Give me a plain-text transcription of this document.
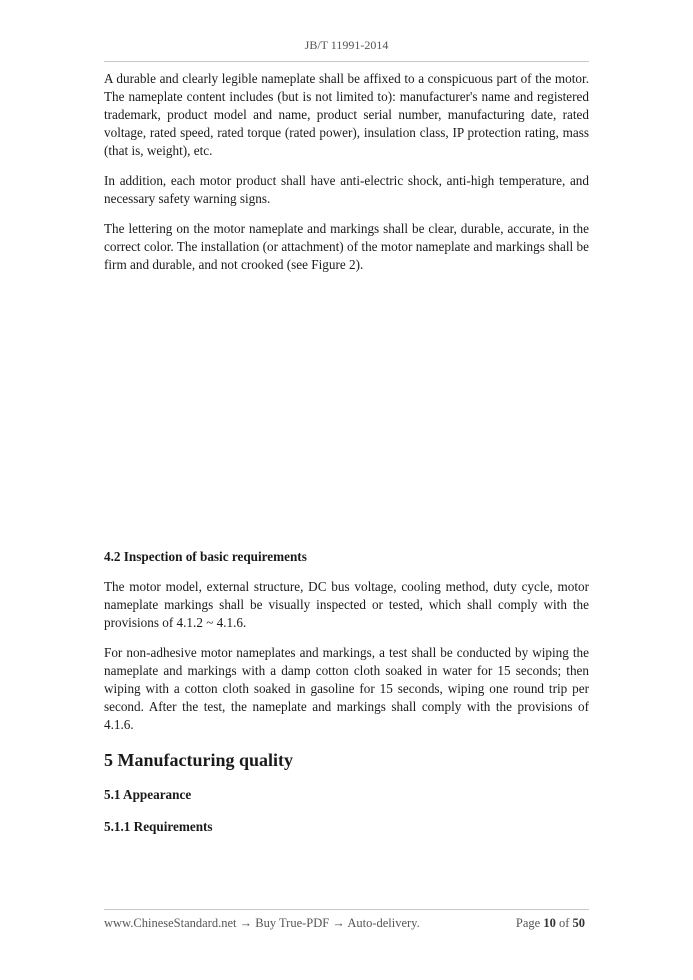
JB/T 11991-2014

A durable and clearly legible nameplate shall be affixed to a conspicuous part of the motor. The nameplate content includes (but is not limited to): manufacturer's name and registered trademark, product model and name, product serial number, manufacturing date, rated voltage, rated speed, rated torque (rated power), insulation class, IP protection rating, mass (that is, weight), etc.

In addition, each motor product shall have anti-electric shock, anti-high temperature, and necessary safety warning signs.

The lettering on the motor nameplate and markings shall be clear, durable, accurate, in the correct color. The installation (or attachment) of the motor nameplate and markings shall be firm and durable, and not crooked (see Figure 2).

4.2 Inspection of basic requirements

The motor model, external structure, DC bus voltage, cooling method, duty cycle, motor nameplate markings shall be visually inspected or tested, which shall comply with the provisions of 4.1.2 ~ 4.1.6.

For non-adhesive motor nameplates and markings, a test shall be conducted by wiping the nameplate and markings with a damp cotton cloth soaked in water for 15 seconds; then wiping with a cotton cloth soaked in gasoline for 15 seconds, wiping one round trip per second. After the test, the nameplate and markings shall comply with the provisions of 4.1.6.

5 Manufacturing quality
5.1 Appearance
5.1.1 Requirements
www.ChineseStandard.net → Buy True-PDF → Auto-delivery.	Page 10 of 50
